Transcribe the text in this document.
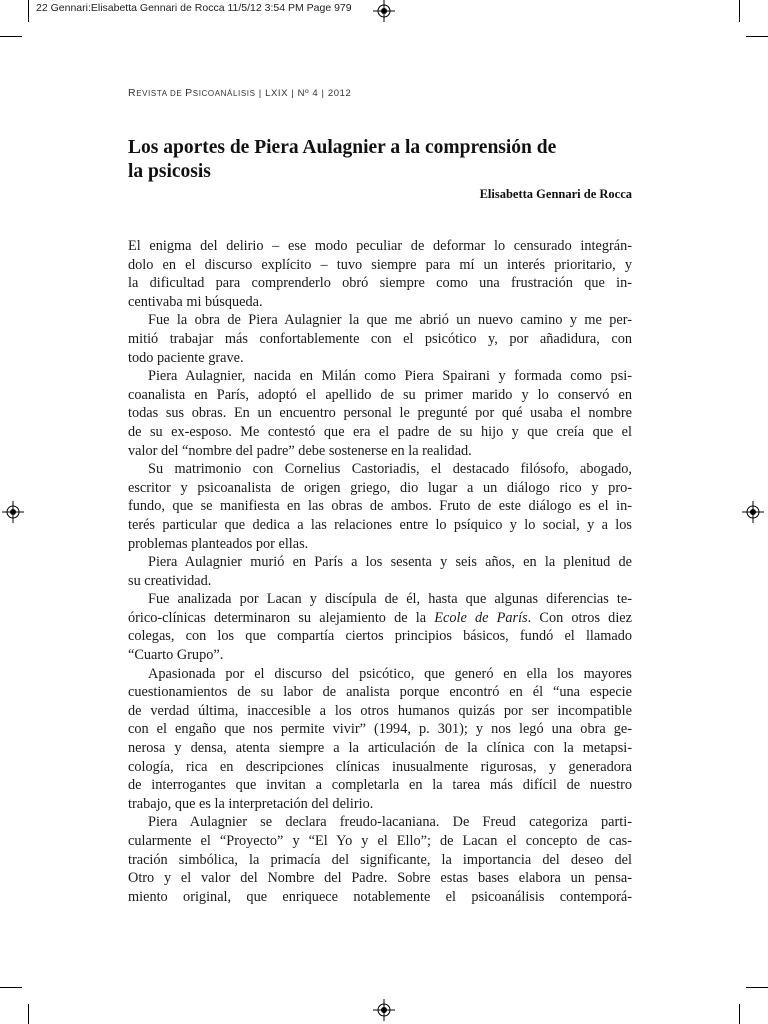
22 Gennari:Elisabetta Gennari de Rocca 11/5/12 3:54 PM Page 979
REVISTA DE PSICOANÁLISIS | LXIX | Nº 4 | 2012
Los aportes de Piera Aulagnier a la comprensión de
la psicosis
Elisabetta Gennari de Rocca
El enigma del delirio – ese modo peculiar de deformar lo censurado integrán-
dolo en el discurso explícito – tuvo siempre para mí un interés prioritario, y
la dificultad para comprenderlo obró siempre como una frustración que in-
centivaba mi búsqueda.
Fue la obra de Piera Aulagnier la que me abrió un nuevo camino y me per-
mitió trabajar más confortablemente con el psicótico y, por añadidura, con
todo paciente grave.
Piera Aulagnier, nacida en Milán como Piera Spairani y formada como psi-
coanalista en París, adoptó el apellido de su primer marido y lo conservó en
todas sus obras. En un encuentro personal le pregunté por qué usaba el nombre
de su ex-esposo. Me contestó que era el padre de su hijo y que creía que el
valor del “nombre del padre” debe sostenerse en la realidad.
Su matrimonio con Cornelius Castoriadis, el destacado filósofo, abogado,
escritor y psicoanalista de origen griego, dio lugar a un diálogo rico y pro-
fundo, que se manifiesta en las obras de ambos. Fruto de este diálogo es el in-
terés particular que dedica a las relaciones entre lo psíquico y lo social, y a los
problemas planteados por ellas.
Piera Aulagnier murió en París a los sesenta y seis años, en la plenitud de
su creatividad.
Fue analizada por Lacan y discípula de él, hasta que algunas diferencias te-
órico-clínicas determinaron su alejamiento de la Ecole de París. Con otros diez
colegas, con los que compartía ciertos principios básicos, fundó el llamado
“Cuarto Grupo”.
Apasionada por el discurso del psicótico, que generó en ella los mayores
cuestionamientos de su labor de analista porque encontró en él “una especie
de verdad última, inaccesible a los otros humanos quizás por ser incompatible
con el engaño que nos permite vivir” (1994, p. 301); y nos legó una obra ge-
nerosa y densa, atenta siempre a la articulación de la clínica con la metapsi-
cología, rica en descripciones clínicas inusualmente rigurosas, y generadora
de interrogantes que invitan a completarla en la tarea más difícil de nuestro
trabajo, que es la interpretación del delirio.
Piera Aulagnier se declara freudo-lacaniana. De Freud categoriza parti-
cularmente el “Proyecto” y “El Yo y el Ello”; de Lacan el concepto de cas-
tración simbólica, la primacía del significante, la importancia del deseo del
Otro y el valor del Nombre del Padre. Sobre estas bases elabora un pensa-
miento original, que enriquece notablemente el psicoanálisis contemporá-
